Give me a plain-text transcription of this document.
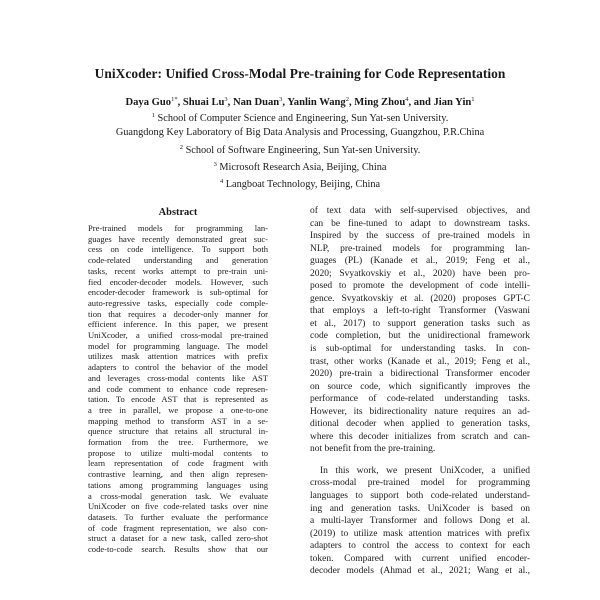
UniXcoder: Unified Cross-Modal Pre-training for Code Representation
Daya Guo$^{1*}$, Shuai Lu$^3$, Nan Duan$^3$, Yanlin Wang$^2$, Ming Zhou$^4$, and Jian Yin$^1$
$^1$ School of Computer Science and Engineering, Sun Yat-sen University.
Guangdong Key Laboratory of Big Data Analysis and Processing, Guangzhou, P.R.China
$^2$ School of Software Engineering, Sun Yat-sen University.
$^3$ Microsoft Research Asia, Beijing, China
$^4$ Langboat Technology, Beijing, China
Abstract
Pre-trained models for programming lan-
guages have recently demonstrated great suc-
cess on code intelligence. To support both
code-related understanding and generation
tasks, recent works attempt to pre-train uni-
fied encoder-decoder models. However, such
encoder-decoder framework is sub-optimal for
auto-regressive tasks, especially code comple-
tion that requires a decoder-only manner for
efficient inference. In this paper, we present
UniXcoder, a unified cross-modal pre-trained
model for programming language. The model
utilizes mask attention matrices with prefix
adapters to control the behavior of the model
and leverages cross-modal contents like AST
and code comment to enhance code represen-
tation. To encode AST that is represented as
a tree in parallel, we propose a one-to-one
mapping method to transform AST in a se-
quence structure that retains all structural in-
formation from the tree. Furthermore, we
propose to utilize multi-modal contents to
learn representation of code fragment with
contrastive learning, and then align represen-
tations among programming languages using
a cross-modal generation task. We evaluate
UniXcoder on five code-related tasks over nine
datasets. To further evaluate the performance
of code fragment representation, we also con-
struct a dataset for a new task, called zero-shot
code-to-code search. Results show that our
of text data with self-supervised objectives, and
can be fine-tuned to adapt to downstream tasks.
Inspired by the success of pre-trained models in
NLP, pre-trained models for programming lan-
guages (PL) (Kanade et al., 2019; Feng et al.,
2020; Svyatkovskiy et al., 2020) have been pro-
posed to promote the development of code intelli-
gence. Svyatkovskiy et al. (2020) proposes GPT-C
that employs a left-to-right Transformer (Vaswani
et al., 2017) to support generation tasks such as
code completion, but the unidirectional framework
is sub-optimal for understanding tasks. In con-
trast, other works (Kanade et al., 2019; Feng et al.,
2020) pre-train a bidirectional Transformer encoder
on source code, which significantly improves the
performance of code-related understanding tasks.
However, its bidirectionality nature requires an ad-
ditional decoder when applied to generation tasks,
where this decoder initializes from scratch and can-
not benefit from the pre-training.
In this work, we present UniXcoder, a unified
cross-modal pre-trained model for programming
languages to support both code-related understand-
ing and generation tasks. UniXcoder is based on
a multi-layer Transformer and follows Dong et al.
(2019) to utilize mask attention matrices with prefix
adapters to control the access to context for each
token. Compared with current unified encoder-
decoder models (Ahmad et al., 2021; Wang et al.,
